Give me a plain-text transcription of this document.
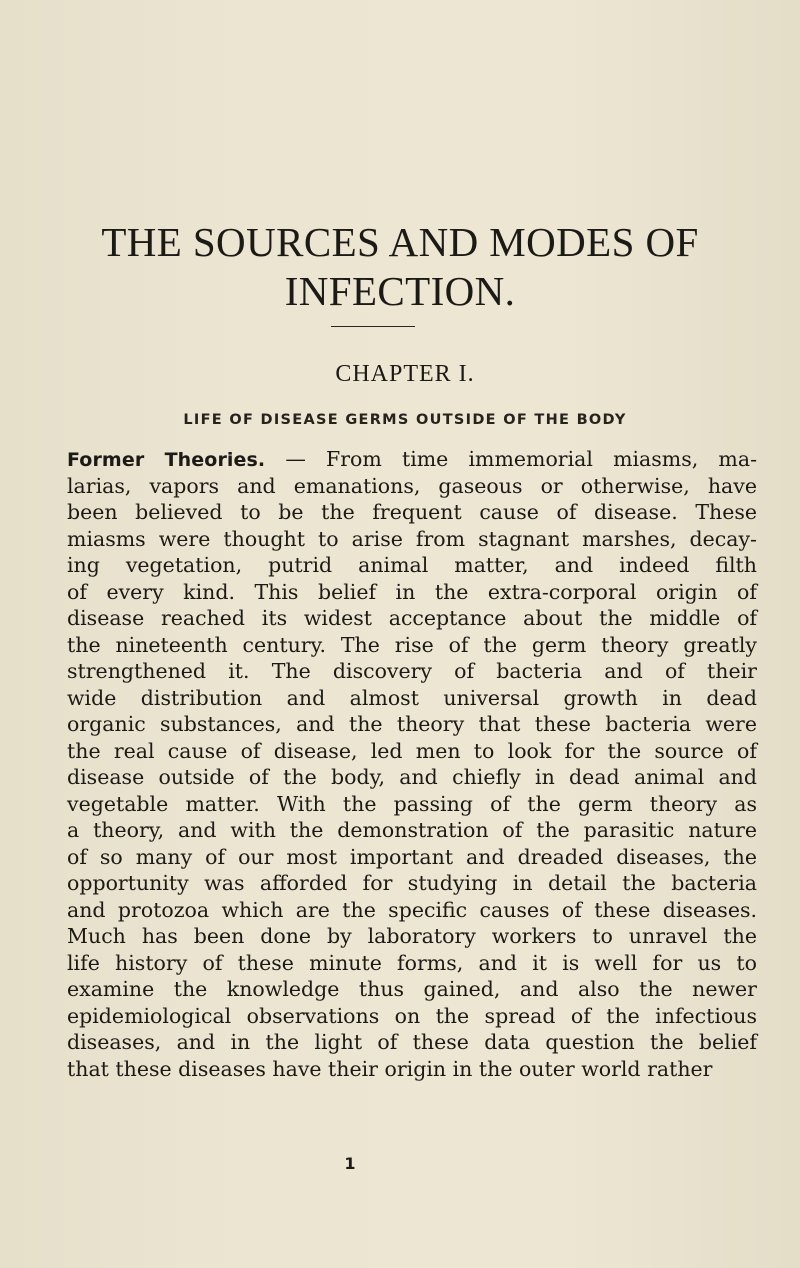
THE SOURCES AND MODES OF
INFECTION.
CHAPTER I.
LIFE OF DISEASE GERMS OUTSIDE OF THE BODY
Former Theories. — From time immemorial miasms, ma-
larias, vapors and emanations, gaseous or otherwise, have
been believed to be the frequent cause of disease. These
miasms were thought to arise from stagnant marshes, decay-
ing vegetation, putrid animal matter, and indeed filth
of every kind. This belief in the extra-corporal origin of
disease reached its widest acceptance about the middle of
the nineteenth century. The rise of the germ theory greatly
strengthened it. The discovery of bacteria and of their
wide distribution and almost universal growth in dead
organic substances, and the theory that these bacteria were
the real cause of disease, led men to look for the source of
disease outside of the body, and chiefly in dead animal and
vegetable matter. With the passing of the germ theory as
a theory, and with the demonstration of the parasitic nature
of so many of our most important and dreaded diseases, the
opportunity was afforded for studying in detail the bacteria
and protozoa which are the specific causes of these diseases.
Much has been done by laboratory workers to unravel the
life history of these minute forms, and it is well for us to
examine the knowledge thus gained, and also the newer
epidemiological observations on the spread of the infectious
diseases, and in the light of these data question the belief
that these diseases have their origin in the outer world rather
1
